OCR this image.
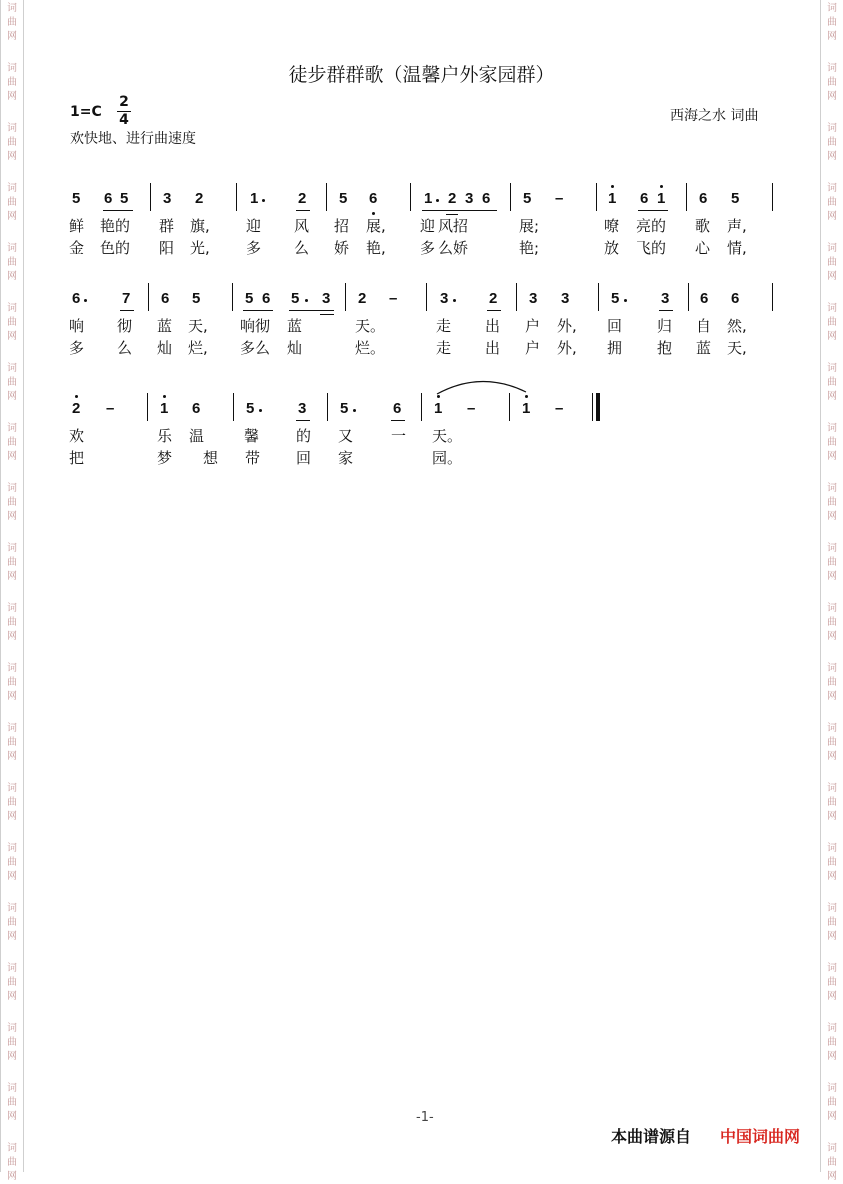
词
曲
网
词
曲
网
词
曲
网
词
曲
网
词
曲
网
词
曲
网
词
曲
网
词
曲
网
词
曲
网
词
曲
网
词
曲
网
词
曲
网
词
曲
网
词
曲
网
词
曲
网
词
曲
网
词
曲
网
词
曲
网
词
曲
网
词
曲
网
词
曲
网
词
曲
网
词
曲
网
词
曲
网
词
曲
网
词
曲
网
词
曲
网
词
曲
网
词
曲
网
词
曲
网
词
曲
网
词
曲
网
词
曲
网
词
曲
网
词
曲
网
词
曲
网
词
曲
网
词
曲
网
词
曲
网
词
曲
网
徒步群群歌（温馨户外家园群）
1=C
2
4
欢快地、进行曲速度
西海之水 词曲
5 6 5 3 2	1	2 5 6	1 2 3 6 5 –	1 6 1 6 5
鲜 艳的 群 旗, 迎 风 招 展, 迎 风招	展;	嘹 亮的 歌 声,
金 色的 阳 光, 多 么 娇 艳, 多 么娇	艳;	放 飞的 心 情,
6	7 6 5	5 6 5 3 2 –	3	2 3 3	5	3 6 6
响 彻 蓝 天, 响彻 蓝	天。	走 出 户 外, 回 归 自 然,
多 么 灿 烂, 多么 灿	烂。	走 出 户 外, 拥 抱 蓝 天,
2 –	1 6	5	3 5	6 1 –	1 –
欢	乐 温	馨 的 又	一 天。
把	梦 想 带 回 家	园。
-1-
本曲谱源自 中国词曲网
